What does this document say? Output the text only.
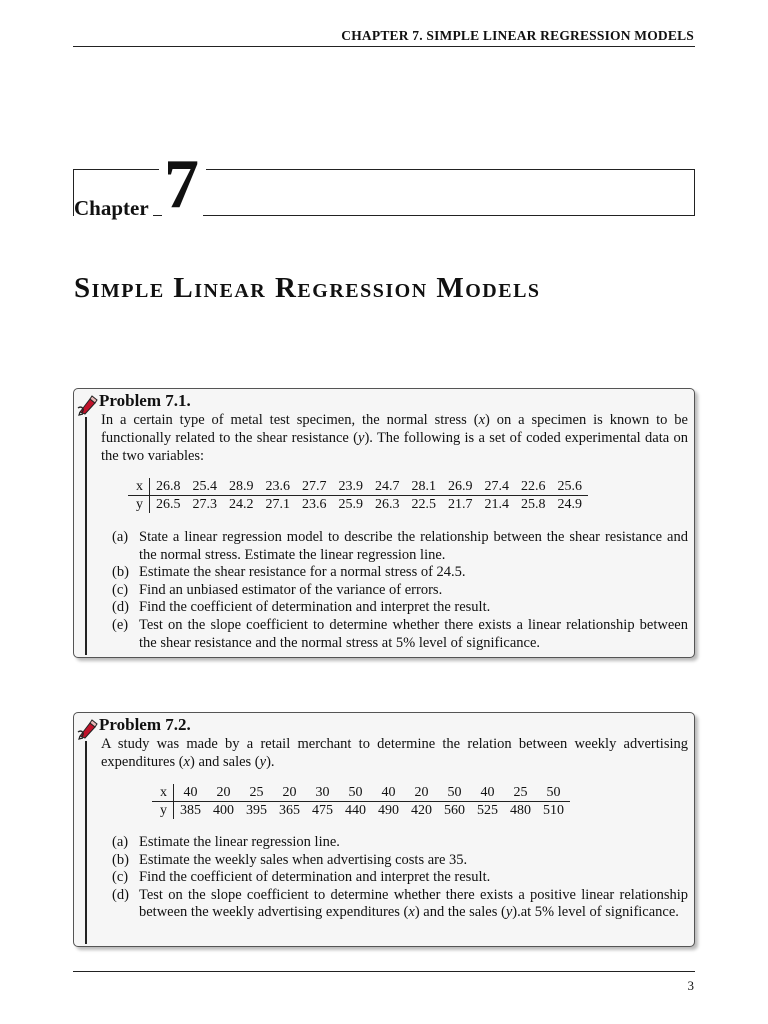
CHAPTER 7. SIMPLE LINEAR REGRESSION MODELS
Chapter 7
Simple Linear Regression Models
Problem 7.1.
In a certain type of metal test specimen, the normal stress (x) on a specimen is known to be functionally related to the shear resistance (y). The following is a set of coded experimental data on the two variables:
x	26.8	25.4	28.9	23.6	27.7	23.9	24.7	28.1	26.9	27.4	22.6	25.6
y	26.5	27.3	24.2	27.1	23.6	25.9	26.3	22.5	21.7	21.4	25.8	24.9
(a) State a linear regression model to describe the relationship between the shear resistance and the normal stress. Estimate the linear regression line.
(b) Estimate the shear resistance for a normal stress of 24.5.
(c) Find an unbiased estimator of the variance of errors.
(d) Find the coefficient of determination and interpret the result.
(e) Test on the slope coefficient to determine whether there exists a linear relationship between the shear resistance and the normal stress at 5% level of significance.
Problem 7.2.
A study was made by a retail merchant to determine the relation between weekly advertising expenditures (x) and sales (y).
x	40	20	25	20	30	50	40	20	50	40	25	50
y	385	400	395	365	475	440	490	420	560	525	480	510
(a) Estimate the linear regression line.
(b) Estimate the weekly sales when advertising costs are 35.
(c) Find the coefficient of determination and interpret the result.
(d) Test on the slope coefficient to determine whether there exists a positive linear relationship between the weekly advertising expenditures (x) and the sales (y).at 5% level of significance.
3
